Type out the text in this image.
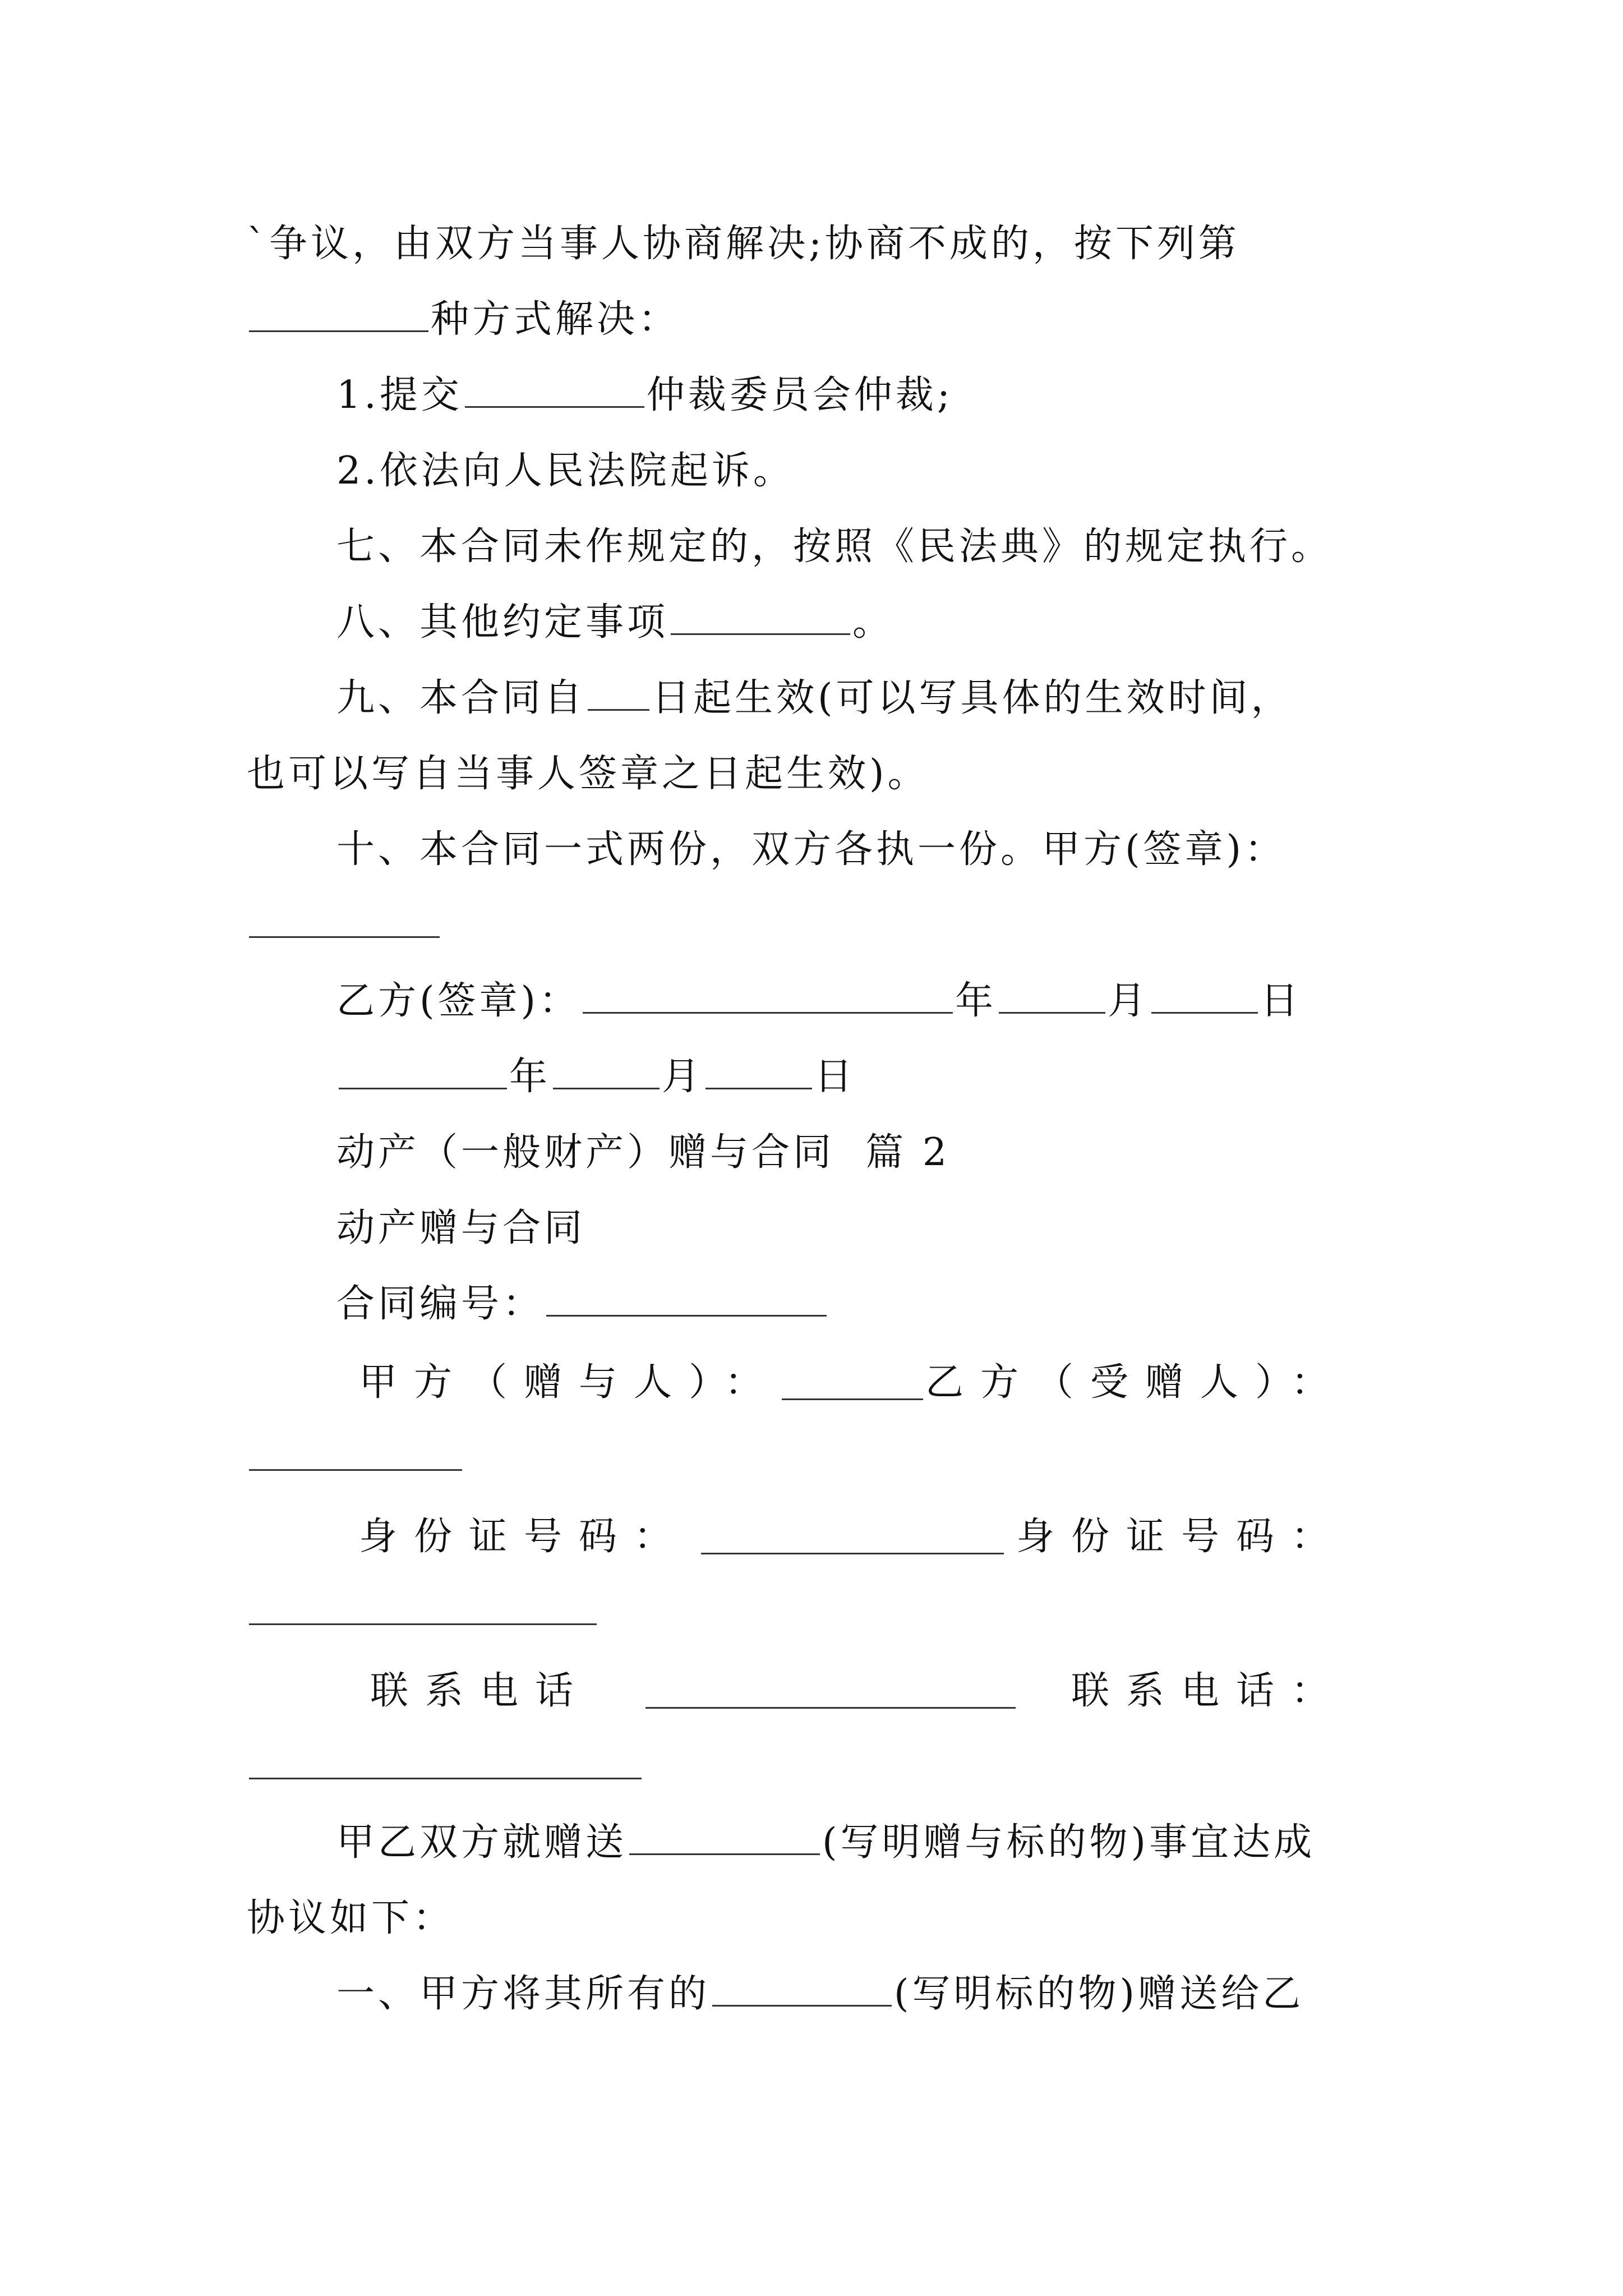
`争议，由双方当事人协商解决;协商不成的，按下列第
种方式解决：
1.提交	仲裁委员会仲裁;
2.依法向人民法院起诉。
七、本合同未作规定的，按照《民法典》的规定执行。
八、其他约定事项	。
九、本合同自 日起生效(可以写具体的生效时间，
也可以写自当事人签章之日起生效)。
十、本合同一式两份，双方各执一份。甲方(签章)：
乙方(签章)：	年	月	日
年	月	日
动产（一般财产）赠与合同  篇 2
动产赠与合同
合同编号：
甲方（赠与人）：	乙方（受赠人）：
身份证号码：	身份证号码：
联系电话	联系电话：
甲乙双方就赠送	(写明赠与标的物)事宜达成
协议如下：
一、甲方将其所有的	(写明标的物)赠送给乙
